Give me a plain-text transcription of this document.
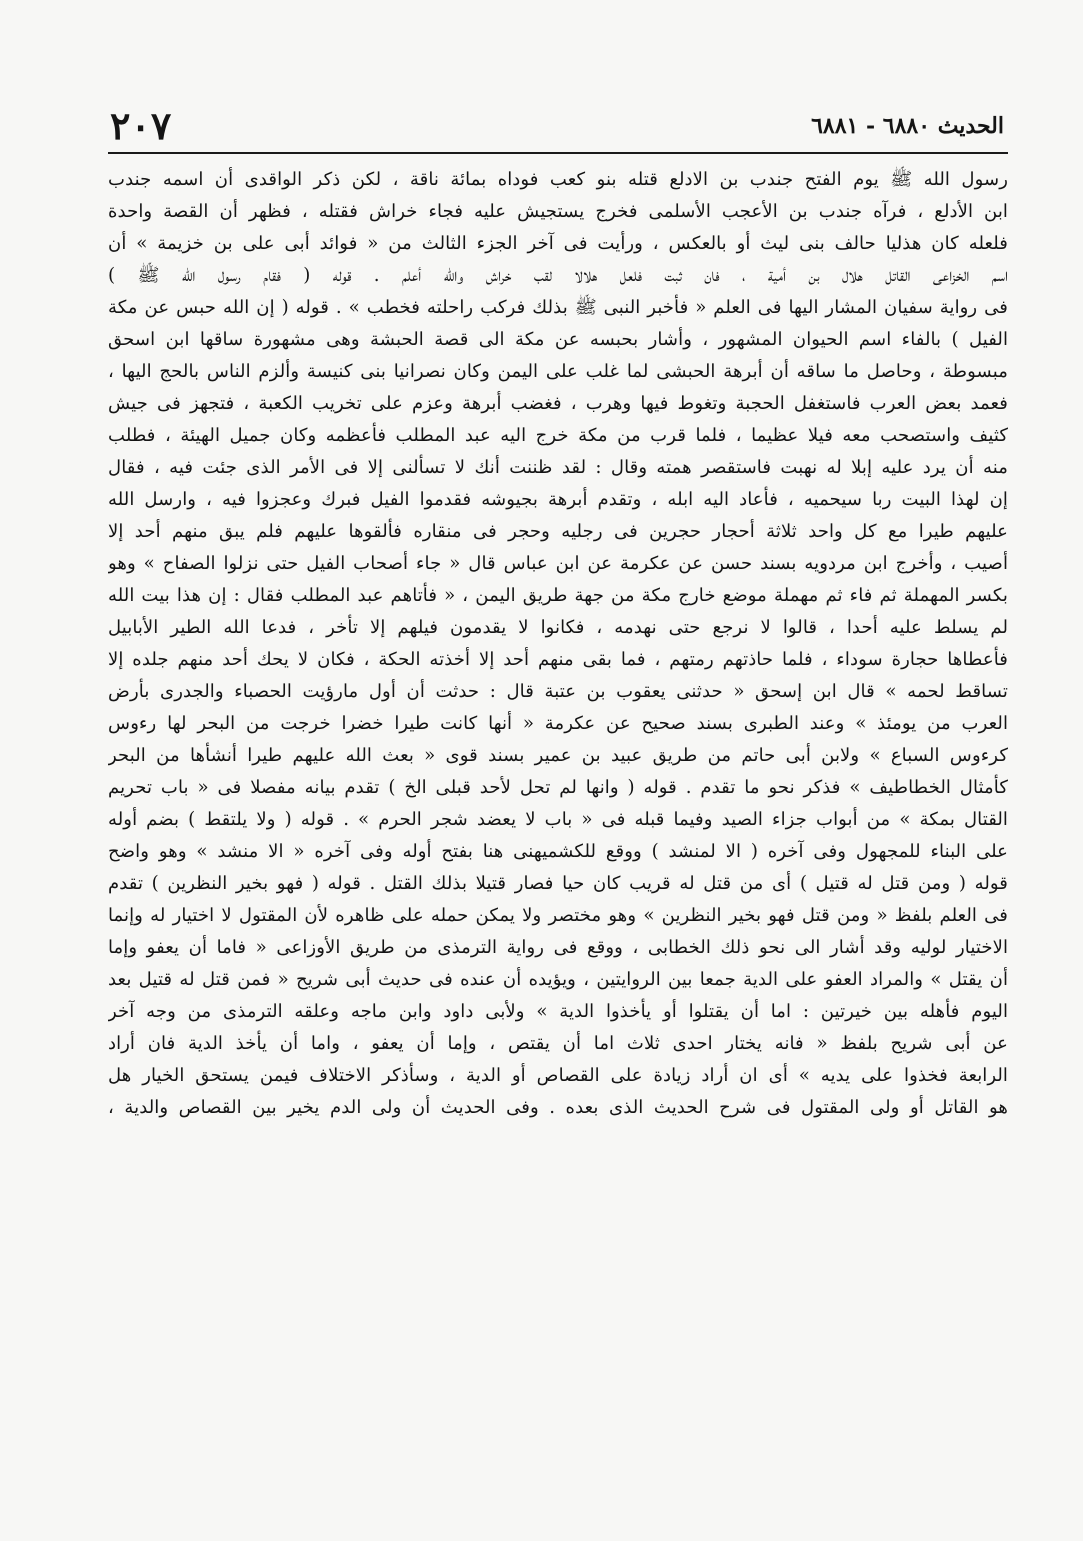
٢٠٧	الحديث ٦٨٨٠ - ٦٨٨١
رسول الله ﷺ يوم الفتح جندب بن الادلع قتله بنو كعب فوداه بمائة ناقة ، لكن ذكر الواقدى أن اسمه جندب
ابن الأدلع ، فرآه جندب بن الأعجب الأسلمى فخرج يستجيش عليه فجاء خراش فقتله ، فظهر أن القصة واحدة
فلعله كان هذليا حالف بنى ليث أو بالعكس ، ورأيت فى آخر الجزء الثالث من « فوائد أبى على بن خزيمة » أن
اسم الخزاعى القاتل هلال بن أمية ، فان ثبت فلعل هلالا لقب خراش والله أعلم . قوله ( فقام رسول الله ﷺ )
فى رواية سفيان المشار اليها فى العلم « فأخبر النبى ﷺ بذلك فركب راحلته فخطب » . قوله ( إن الله حبس عن مكة
الفيل ) بالفاء اسم الحيوان المشهور ، وأشار بحبسه عن مكة الى قصة الحبشة وهى مشهورة ساقها ابن اسحق
مبسوطة ، وحاصل ما ساقه أن أبرهة الحبشى لما غلب على اليمن وكان نصرانيا بنى كنيسة وألزم الناس بالحج اليها ،
فعمد بعض العرب فاستغفل الحجبة وتغوط فيها وهرب ، فغضب أبرهة وعزم على تخريب الكعبة ، فتجهز فى جيش
كثيف واستصحب معه فيلا عظيما ، فلما قرب من مكة خرج اليه عبد المطلب فأعظمه وكان جميل الهيئة ، فطلب
منه أن يرد عليه إبلا له نهبت فاستقصر همته وقال : لقد ظننت أنك لا تسألنى إلا فى الأمر الذى جئت فيه ، فقال
إن لهذا البيت ربا سيحميه ، فأعاد اليه ابله ، وتقدم أبرهة بجيوشه فقدموا الفيل فبرك وعجزوا فيه ، وارسل الله
عليهم طيرا مع كل واحد ثلاثة أحجار حجرين فى رجليه وحجر فى منقاره فألقوها عليهم فلم يبق منهم أحد إلا
أصيب ، وأخرج ابن مردويه بسند حسن عن عكرمة عن ابن عباس قال « جاء أصحاب الفيل حتى نزلوا الصفاح » وهو
بكسر المهملة ثم فاء ثم مهملة موضع خارج مكة من جهة طريق اليمن ، « فأتاهم عبد المطلب فقال : إن هذا بيت الله
لم يسلط عليه أحدا ، قالوا لا نرجع حتى نهدمه ، فكانوا لا يقدمون فيلهم إلا تأخر ، فدعا الله الطير الأبابيل
فأعطاها حجارة سوداء ، فلما حاذتهم رمتهم ، فما بقى منهم أحد إلا أخذته الحكة ، فكان لا يحك أحد منهم جلده إلا
تساقط لحمه » قال ابن إسحق « حدثنى يعقوب بن عتبة قال : حدثت أن أول مارؤيت الحصباء والجدرى بأرض
العرب من يومئذ » وعند الطبرى بسند صحيح عن عكرمة « أنها كانت طيرا خضرا خرجت من البحر لها رءوس
كرءوس السباع » ولابن أبى حاتم من طريق عبيد بن عمير بسند قوى « بعث الله عليهم طيرا أنشأها من البحر
كأمثال الخطاطيف » فذكر نحو ما تقدم . قوله ( وانها لم تحل لأحد قبلى الخ ) تقدم بيانه مفصلا فى « باب تحريم
القتال بمكة » من أبواب جزاء الصيد وفيما قبله فى « باب لا يعضد شجر الحرم » . قوله ( ولا يلتقط ) بضم أوله
على البناء للمجهول وفى آخره ( الا لمنشد ) ووقع للكشميهنى هنا بفتح أوله وفى آخره « الا منشد » وهو واضح
قوله ( ومن قتل له قتيل ) أى من قتل له قريب كان حيا فصار قتيلا بذلك القتل . قوله ( فهو بخير النظرين ) تقدم
فى العلم بلفظ « ومن قتل فهو بخير النظرين » وهو مختصر ولا يمكن حمله على ظاهره لأن المقتول لا اختيار له وإنما
الاختيار لوليه وقد أشار الى نحو ذلك الخطابى ، ووقع فى رواية الترمذى من طريق الأوزاعى « فاما أن يعفو وإما
أن يقتل » والمراد العفو على الدية جمعا بين الروايتين ، ويؤيده أن عنده فى حديث أبى شريح « فمن قتل له قتيل بعد
اليوم فأهله بين خيرتين : اما أن يقتلوا أو يأخذوا الدية » ولأبى داود وابن ماجه وعلقه الترمذى من وجه آخر
عن أبى شريح بلفظ « فانه يختار احدى ثلاث اما أن يقتص ، وإما أن يعفو ، واما أن يأخذ الدية فان أراد
الرابعة فخذوا على يديه » أى ان أراد زيادة على القصاص أو الدية ، وسأذكر الاختلاف فيمن يستحق الخيار هل
هو القاتل أو ولى المقتول فى شرح الحديث الذى بعده . وفى الحديث أن ولى الدم يخير بين القصاص والدية ،
